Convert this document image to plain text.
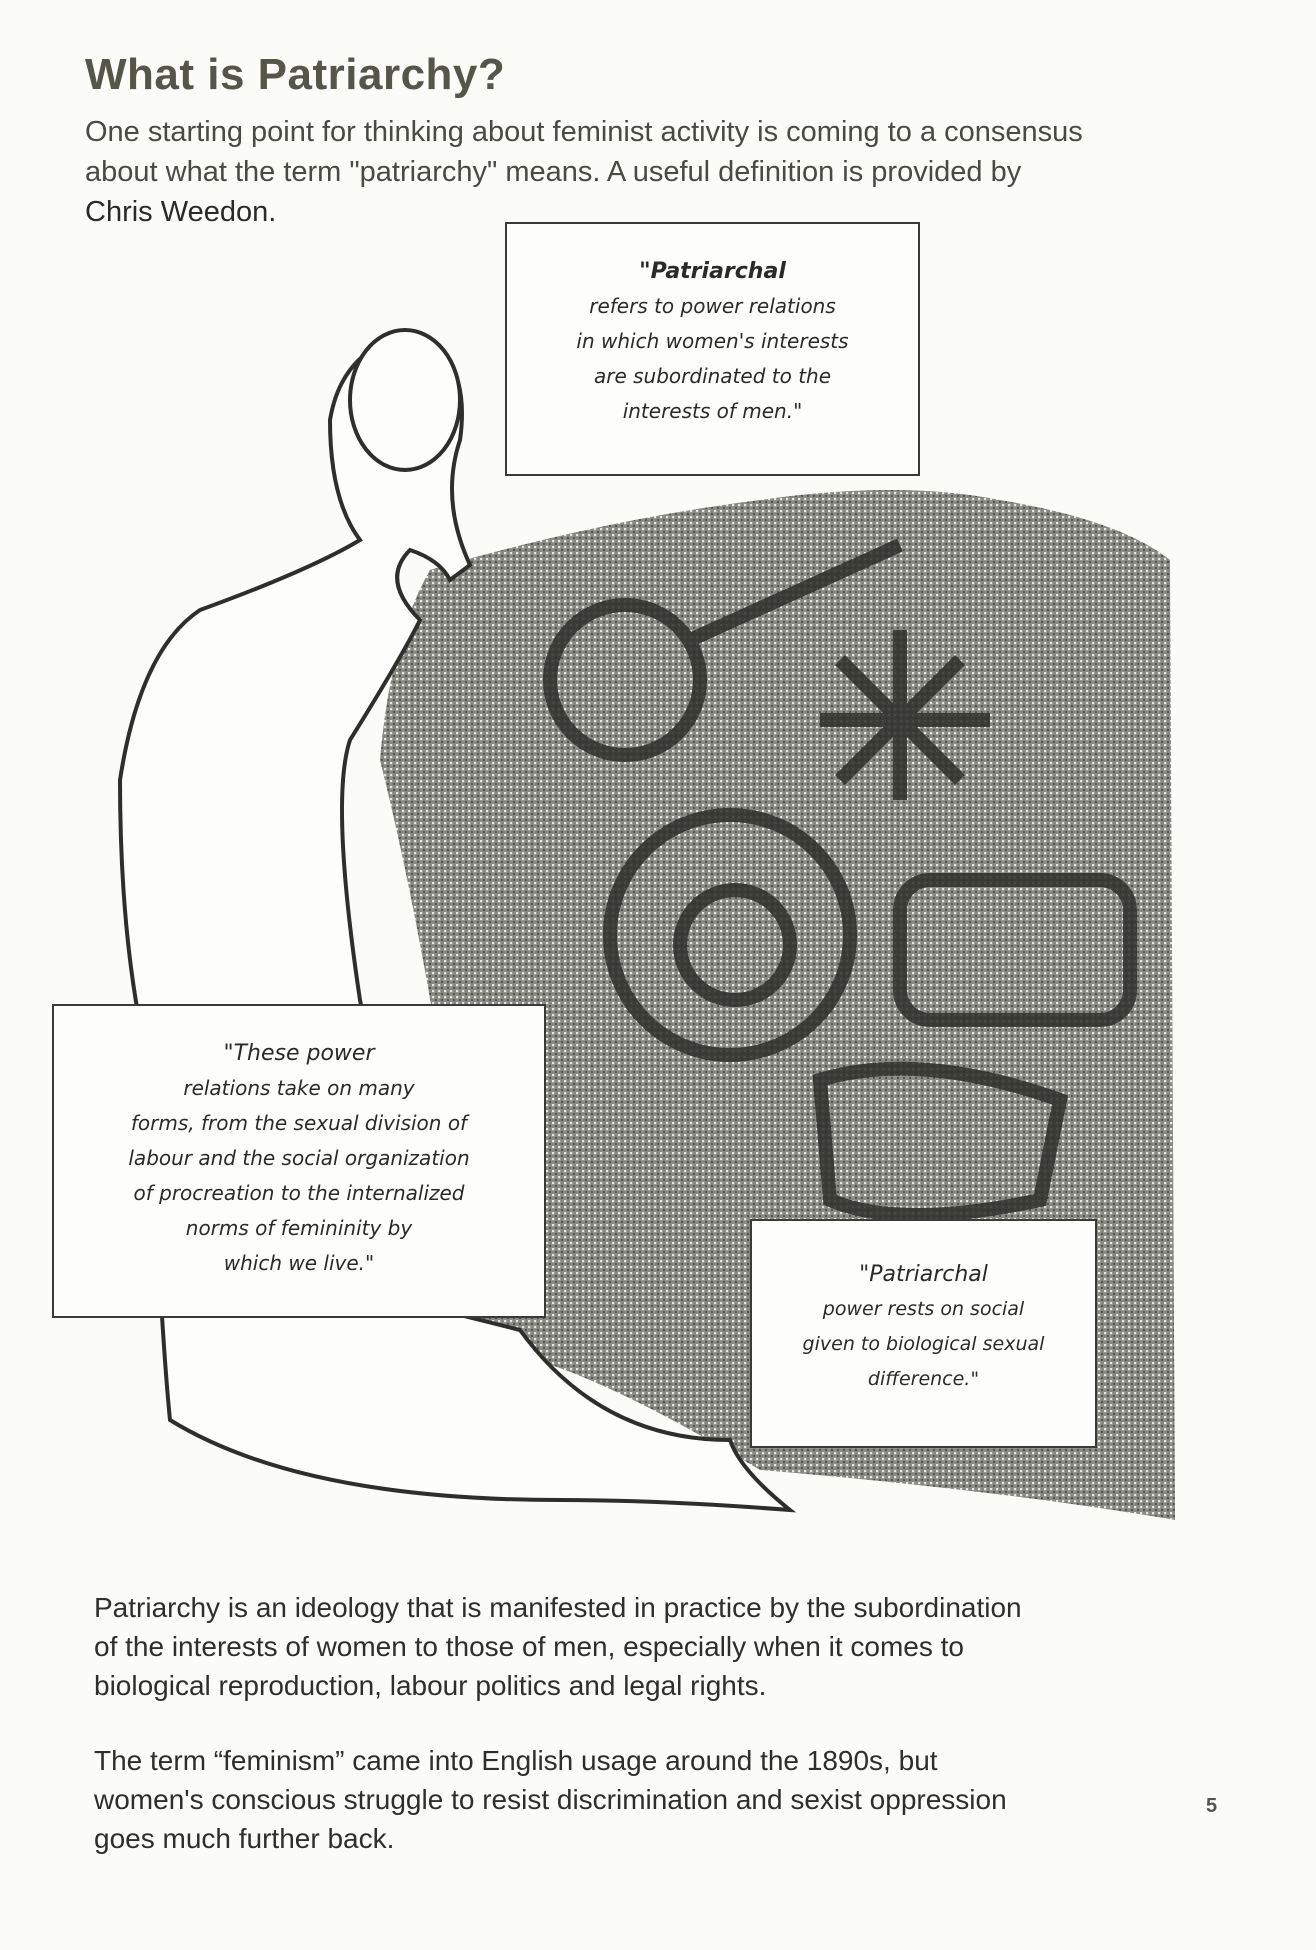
What is Patriarchy?
One starting point for thinking about feminist activity is coming to a consensus
about what the term "patriarchy" means. A useful definition is provided by
Chris Weedon.
"Patriarchal
refers to power relations
in which women's interests
are subordinated to the
interests of men."
"These power
relations take on many
forms, from the sexual division of
labour and the social organization
of procreation to the internalized
norms of femininity by
which we live."	"Patriarchal
power rests on social
given to biological sexual
difference."
Patriarchy is an ideology that is manifested in practice by the subordination
of the interests of women to those of men, especially when it comes to
biological reproduction, labour politics and legal rights.
The term “feminism” came into English usage around the 1890s, but
women's conscious struggle to resist discrimination and sexist oppression
goes much further back.
5
